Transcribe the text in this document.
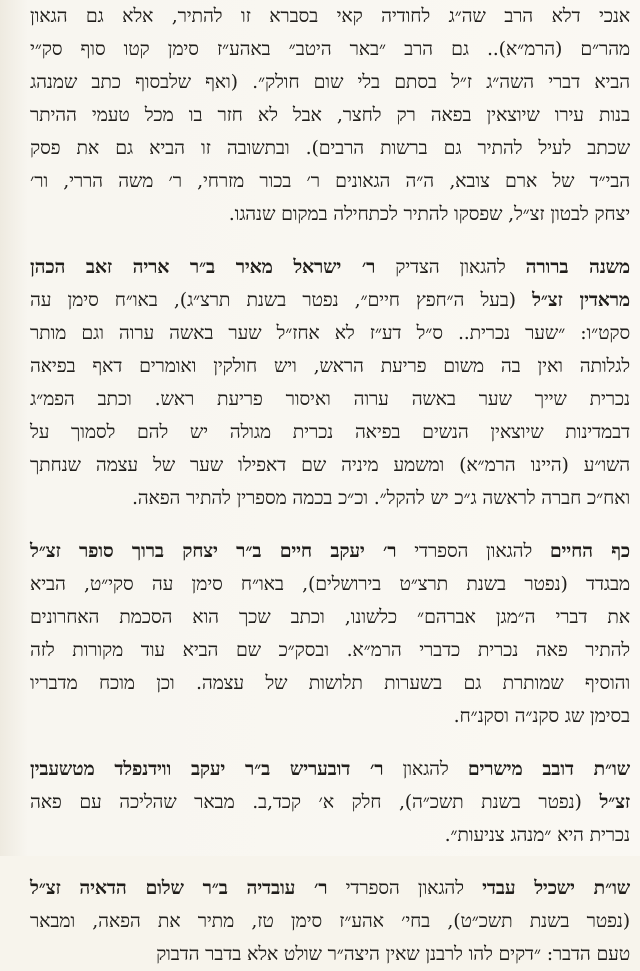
אנכי דלא הרב שה״ג לחודיה קאי בסברא זו להתיר, אלא גם הגאון
מהר״ם (הרמ״א).. גם הרב ״באר היטב״ באהע״ז סימן קטו סוף סק״י
הביא דברי השה״ג ז״ל בסתם בלי שום חולק״. (ואף שלבסוף כתב שמנהג
בנות עירו שיוצאין בפאה רק לחצר, אבל לא חזר בו מכל טעמי ההיתר
שכתב לעיל להתיר גם ברשות הרבים). ובתשובה זו הביא גם את פסק
הבי״ד של ארם צובא, ה״ה הגאונים ר׳ בכור מזרחי, ר׳ משה הררי, ור׳
יצחק לבטון זצ״ל, שפסקו להתיר לכתחילה במקום שנהגו.
משנה ברורה להגאון הצדיק ר׳ ישראל מאיר ב״ר אריה זאב הכהן
מראדין זצ״ל (בעל ה״חפץ חיים״, נפטר בשנת תרצ״ג), באו״ח סימן עה
סקט״ו: ״שער נכרית.. ס״ל דע״ז לא אחז״ל שער באשה ערוה וגם מותר
לגלותה ואין בה משום פריעת הראש, ויש חולקין ואומרים דאף בפיאה
נכרית שייך שער באשה ערוה ואיסור פריעת ראש. וכתב הפמ״ג
דבמדינות שיוצאין הנשים בפיאה נכרית מגולה יש להם לסמוך על
השו״ע (היינו הרמ״א) ומשמע מיניה שם דאפילו שער של עצמה שנחתך
ואח״כ חברה לראשה ג״כ יש להקל״. וכ״כ בכמה מספרין להתיר הפאה.
כף החיים להגאון הספרדי ר׳ יעקב חיים ב״ר יצחק ברוך סופר זצ״ל
מבגדד (נפטר בשנת תרצ״ט בירושלים), באו״ח סימן עה סקי״ט, הביא
את דברי ה״מגן אברהם״ כלשונו, וכתב שכך הוא הסכמת האחרונים
להתיר פאה נכרית כדברי הרמ״א. ובסק״כ שם הביא עוד מקורות לזה
והוסיף שמותרת גם בשערות תלושות של עצמה. וכן מוכח מדבריו
בסימן שג סקנ״ה וסקנ״ח.
שו״ת דובב מישרים להגאון ר׳ דובעריש ב״ר יעקב ווידנפלד מטשעבין
זצ״ל (נפטר בשנת תשכ״ה), חלק א׳ קכד,ב. מבאר שהליכה עם פאה
נכרית היא ״מנהג צניעות״.
שו״ת ישכיל עבדי להגאון הספרדי ר׳ עובדיה ב״ר שלום הדאיה זצ״ל
(נפטר בשנת תשכ״ט), בחי׳ אהע״ז סימן טז, מתיר את הפאה, ומבאר
טעם הדבר: ״דקים להו לרבנן שאין היצה״ר שולט אלא בדבר הדבוק
